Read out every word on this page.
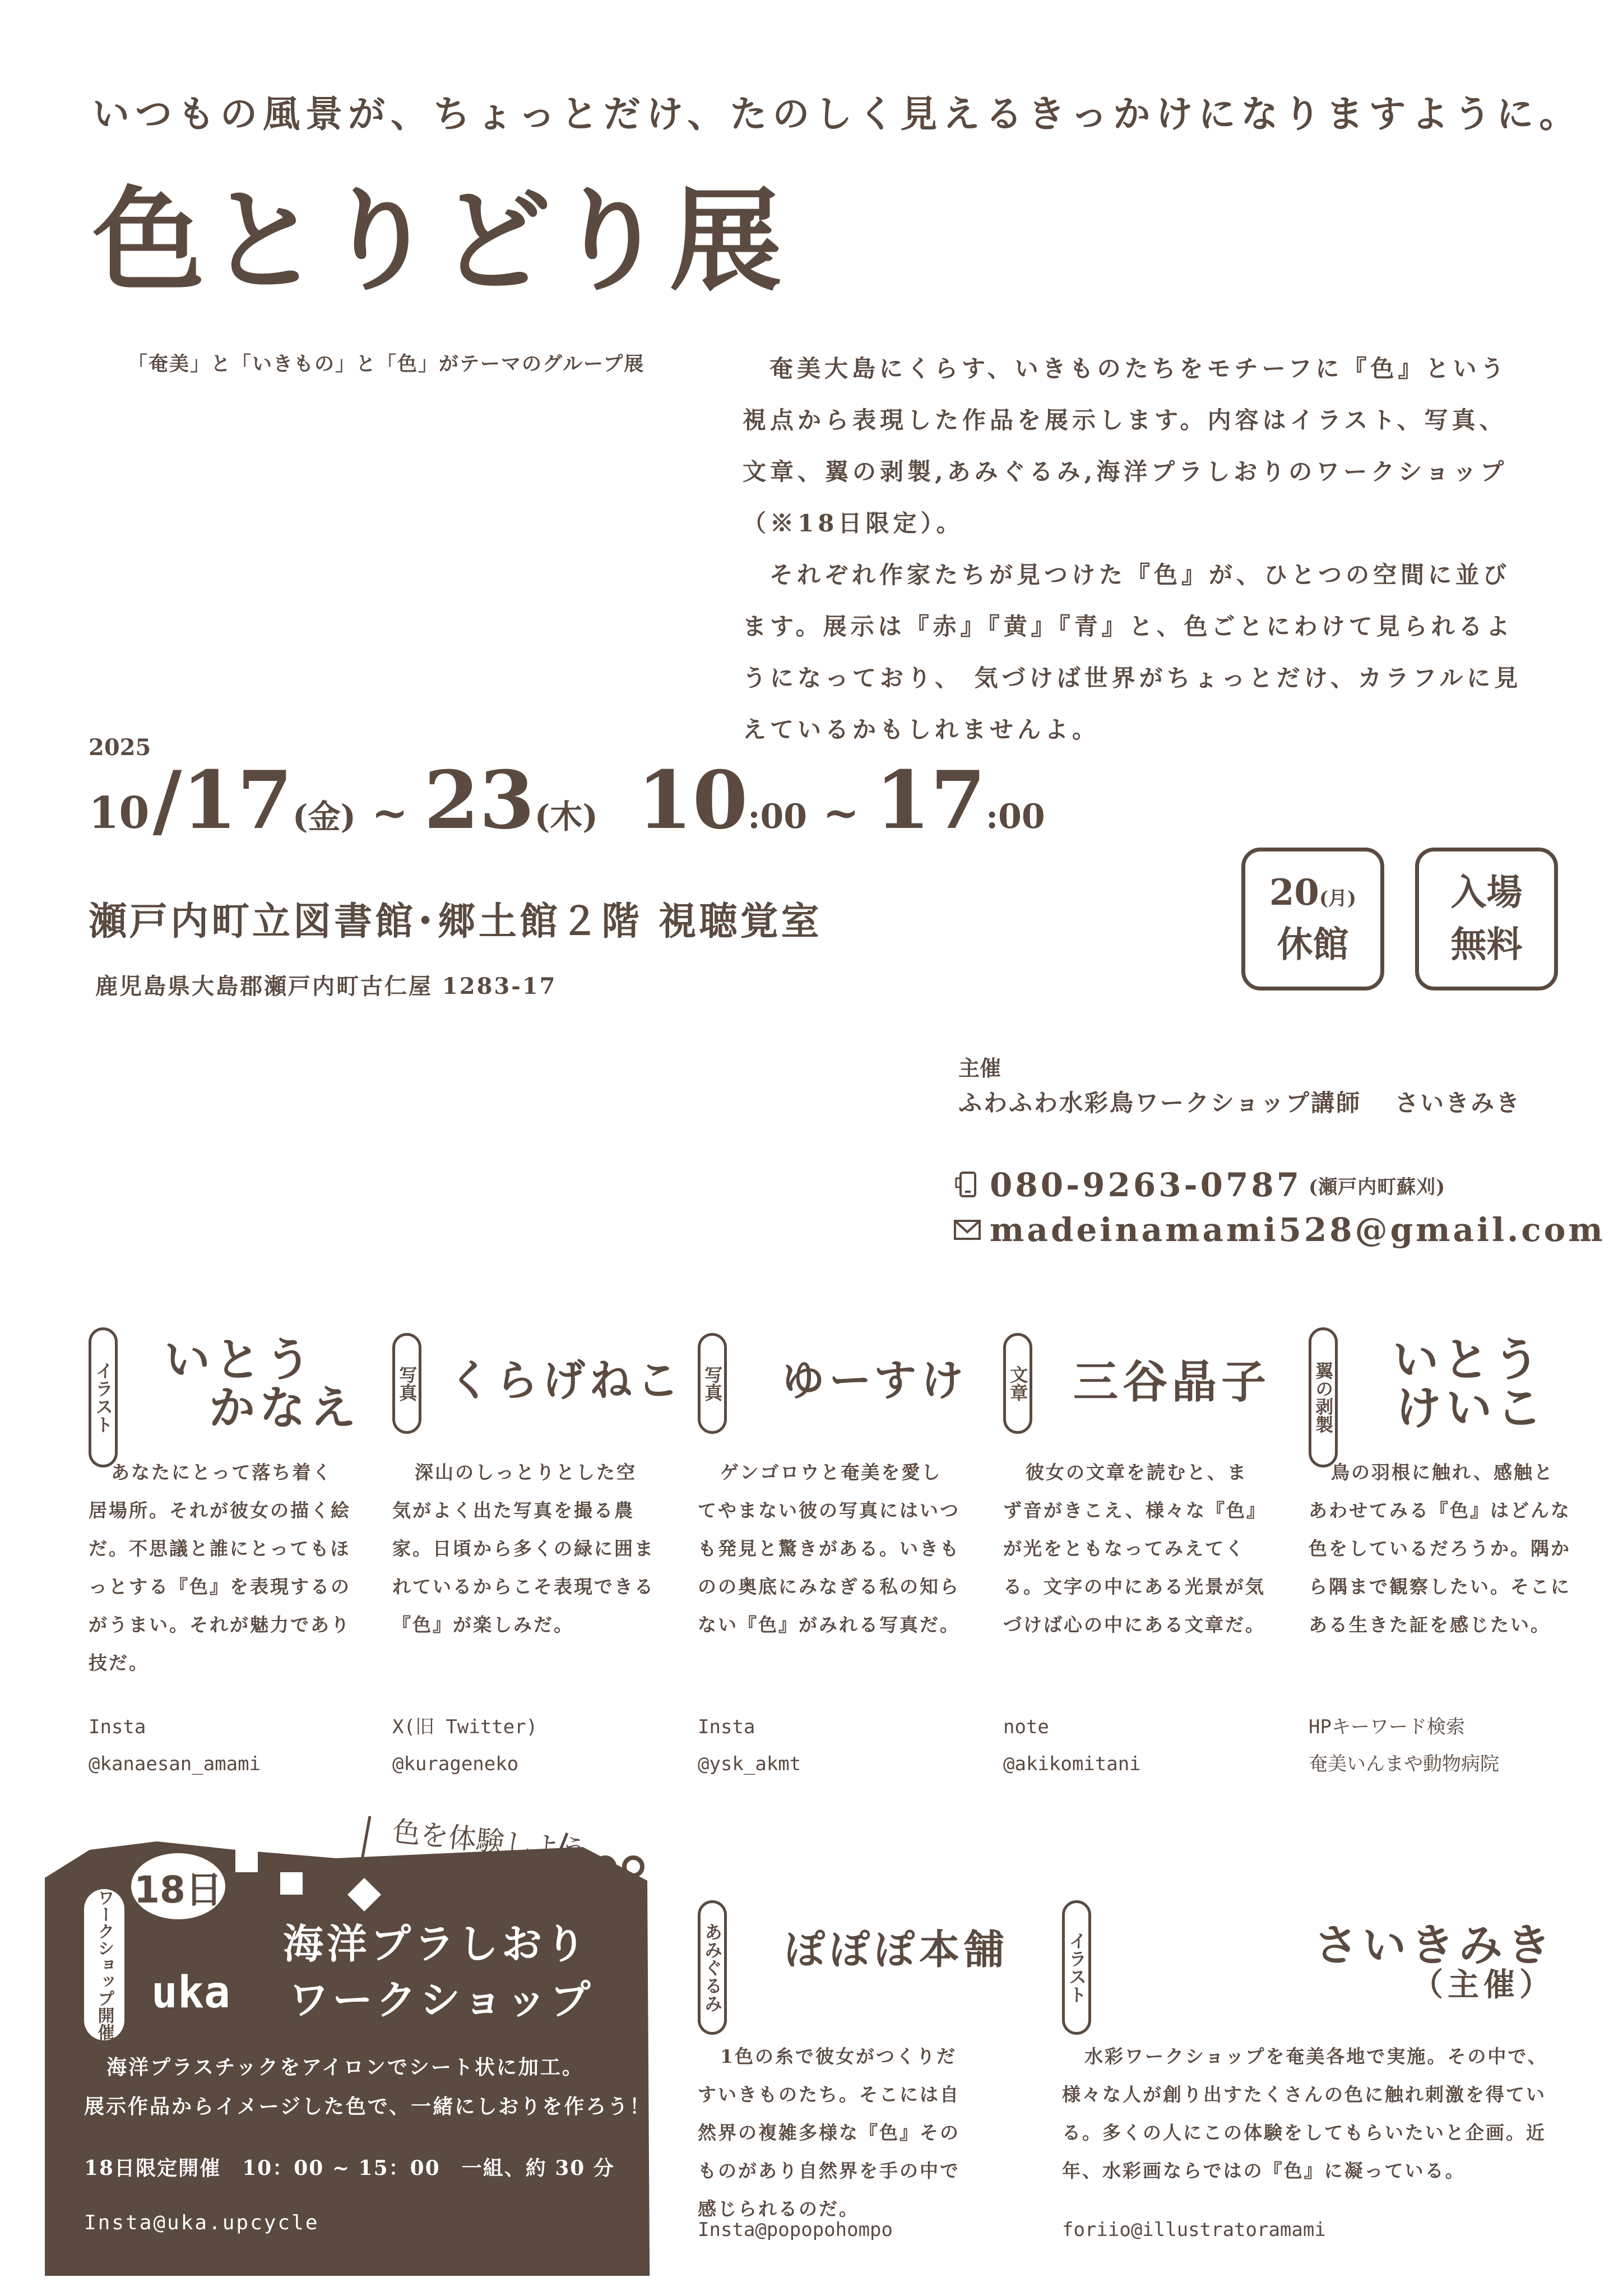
いつもの風景が、ちょっとだけ、たのしく見えるきっかけになりますように。
色とりどり展
「奄美」と「いきもの」と「色」がテーマのグループ展	奄美大島にくらす、いきものたちをモチーフに『色』という視点から表現した作品を展示します。内容はイラスト、写真、文章、翼の剥製,あみぐるみ,海洋プラしおりのワークショップ（※18日限定）。

それぞれ作家たちが見つけた『色』が、ひとつの空間に並びます。展示は『赤』『黄』『青』と、色ごとにわけて見られるようになっており、 気づけば世界がちょっとだけ、カラフルに見えているかもしれませんよ。

2025
10 / 17 (金) ~ 23 (木) 10 :00 ~ 17 :00
瀬戸内町立図書館･郷土館２階 視聴覚室
鹿児島県大島郡瀬戸内町古仁屋 1283-17
20(月)
休館
入場
無料
主催
ふわふわ水彩鳥ワークショップ講師 さいきみき
080-9263-0787 (瀬戸内町蘇刈)
madeinamami528@gmail.com
イラスト
いとう
かなえ

あなたにとって落ち着く居場所。それが彼女の描く絵だ。不思議と誰にとってもほっとする『色』を表現するのがうまい。それが魅力であり技だ。

Insta
@kanaesan_amami
写真 くらげねこ

深山のしっとりとした空気がよく出た写真を撮る農家。日頃から多くの緑に囲まれているからこそ表現できる『色』が楽しみだ。

X(旧 Twitter)
@kurageneko
写真 ゆーすけ

ゲンゴロウと奄美を愛してやまない彼の写真にはいつも発見と驚きがある。いきものの奥底にみなぎる私の知らない『色』がみれる写真だ。

Insta
@ysk_akmt
文章 三谷晶子

彼女の文章を読むと、まず音がきこえ、様々な『色』が光をともなってみえてくる。文字の中にある光景が気づけば心の中にある文章だ。

note
@akikomitani
翼の剥製
いとう
けいこ

鳥の羽根に触れ、感触とあわせてみる『色』はどんな色をしているだろうか。隅から隅まで観察したい。そこにある生きた証を感じたい。

HPキーワード検索
奄美いんまや動物病院
色を体験しよう
18日
ワークショップ開催 uka
海洋プラしおり
ワークショップ
海洋プラスチックをアイロンでシート状に加工。
展示作品からイメージした色で、一緒にしおりを作ろう！
18日限定開催　10：00 ~ 15：00　一組、約 30 分
Insta@uka.upcycle
あみぐるみ ぽぽぽ本舗

1色の糸で彼女がつくりだすいきものたち。そこには自然界の複雑多様な『色』そのものがあり自然界を手の中で感じられるのだ。

Insta@popopohompo
イラスト	さいきみき
（主催）

水彩ワークショップを奄美各地で実施。その中で、様々な人が創り出すたくさんの色に触れ刺激を得ている。多くの人にこの体験をしてもらいたいと企画。近年、水彩画ならではの『色』に凝っている。

foriio@illustratoramami
